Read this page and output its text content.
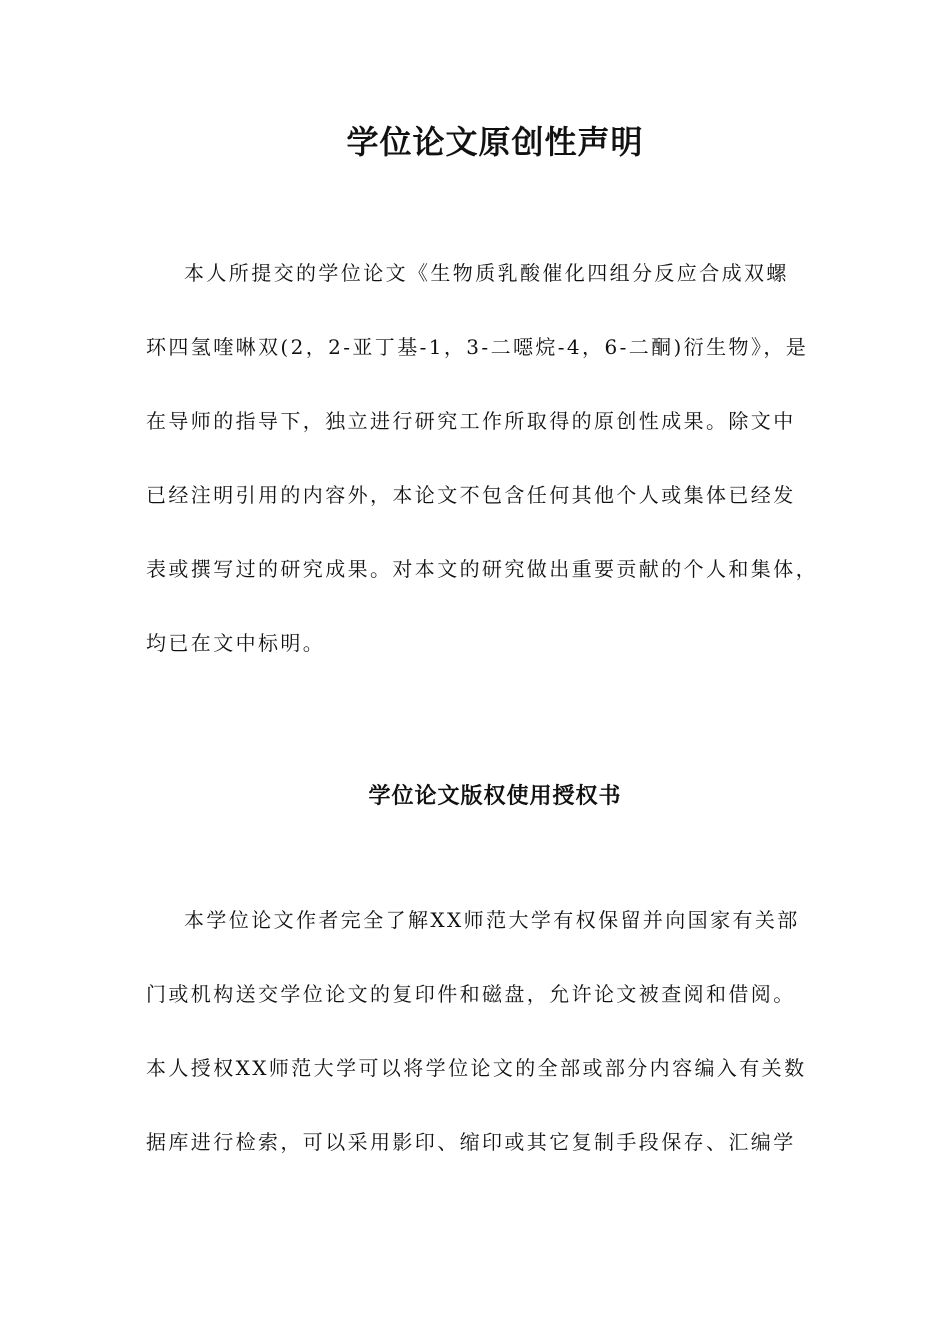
学位论文原创性声明
本人所提交的学位论文《生物质乳酸催化四组分反应合成双螺
环四氢喹啉双(2，2-亚丁基-1，3-二噁烷-4，6-二酮)衍生物》，是
在导师的指导下，独立进行研究工作所取得的原创性成果。除文中
已经注明引用的内容外，本论文不包含任何其他个人或集体已经发
表或撰写过的研究成果。对本文的研究做出重要贡献的个人和集体，
均已在文中标明。
学位论文版权使用授权书
本学位论文作者完全了解XX师范大学有权保留并向国家有关部
门或机构送交学位论文的复印件和磁盘，允许论文被查阅和借阅。
本人授权XX师范大学可以将学位论文的全部或部分内容编入有关数
据库进行检索，可以采用影印、缩印或其它复制手段保存、汇编学
